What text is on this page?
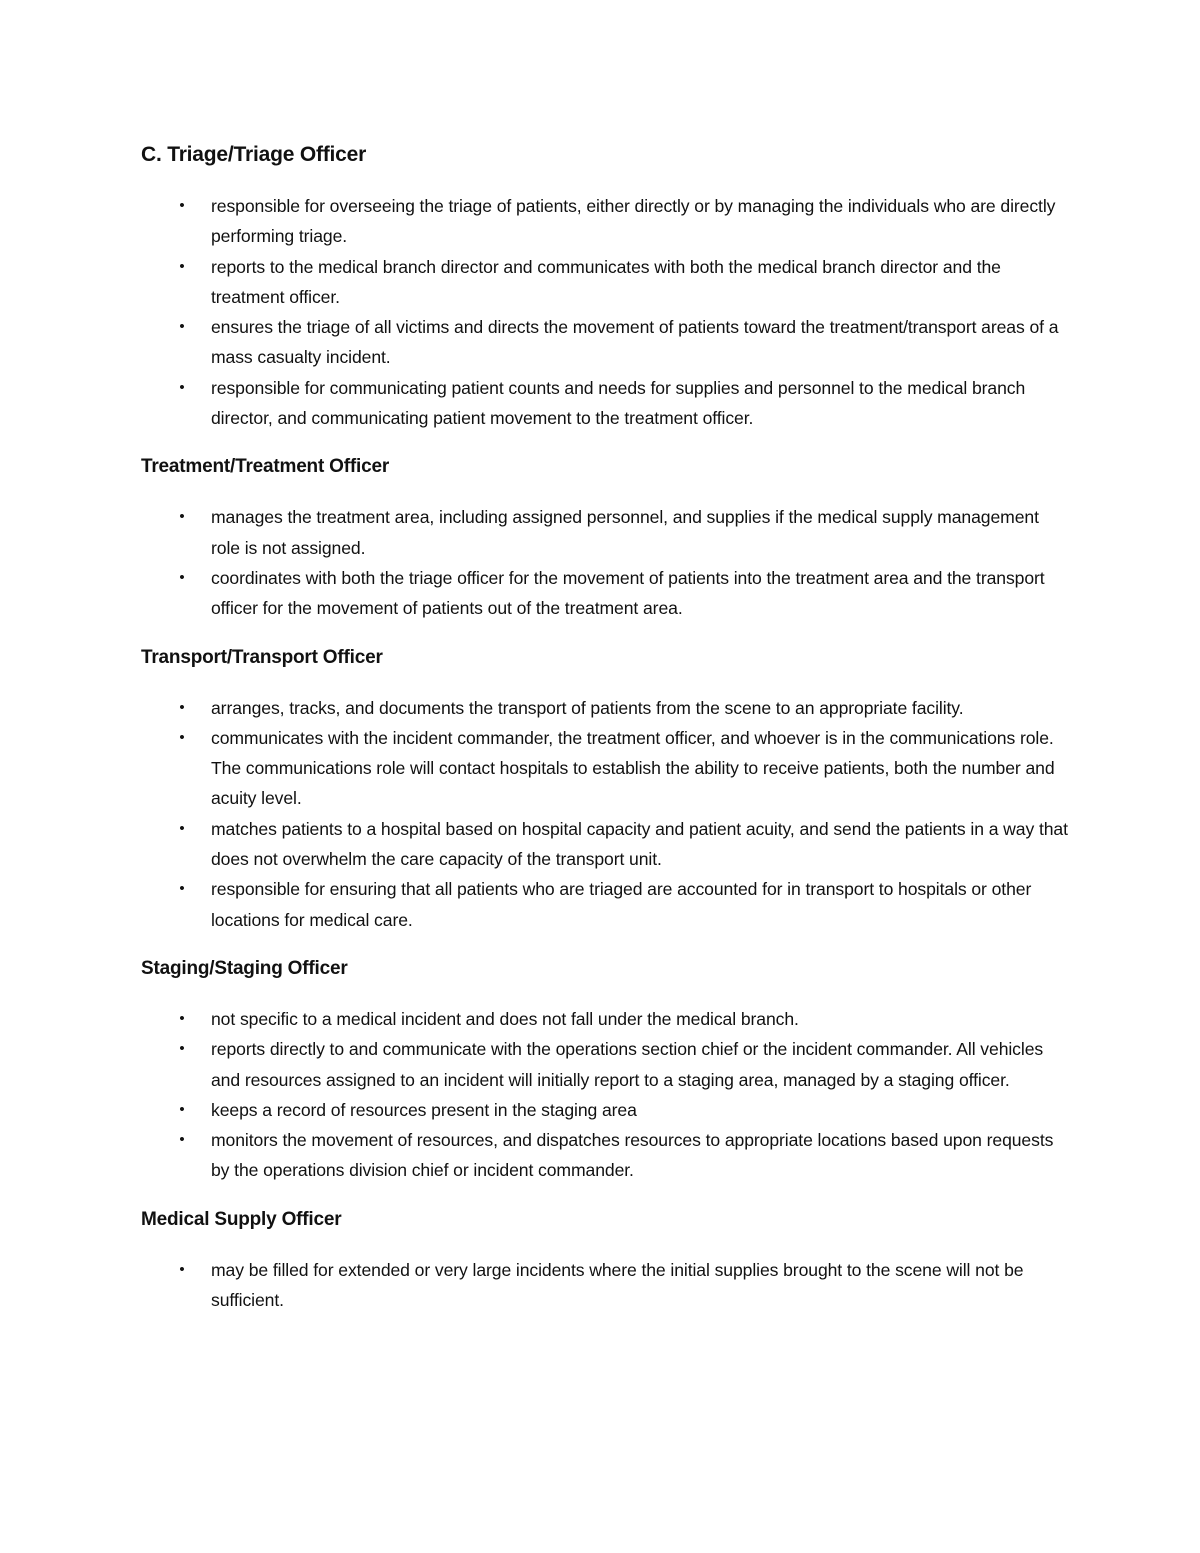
C. Triage/Triage Officer
•
responsible for overseeing the triage of patients, either directly or by managing the individuals who are directly performing triage.
•
reports to the medical branch director and communicates with both the medical branch director and the treatment officer.
•
ensures the triage of all victims and directs the movement of patients toward the treatment/transport areas of a mass casualty incident.
•
responsible for communicating patient counts and needs for supplies and personnel to the medical branch director, and communicating patient movement to the treatment officer.
Treatment/Treatment Officer
•
manages the treatment area, including assigned personnel, and supplies if the medical supply management role is not assigned.
•
coordinates with both the triage officer for the movement of patients into the treatment area and the transport officer for the movement of patients out of the treatment area.
Transport/Transport Officer
•
arranges, tracks, and documents the transport of patients from the scene to an appropriate facility.
•
communicates with the incident commander, the treatment officer, and whoever is in the communications role. The communications role will contact hospitals to establish the ability to receive patients, both the number and acuity level.
•
matches patients to a hospital based on hospital capacity and patient acuity, and send the patients in a way that does not overwhelm the care capacity of the transport unit.
•
responsible for ensuring that all patients who are triaged are accounted for in transport to hospitals or other locations for medical care.
Staging/Staging Officer
•
not specific to a medical incident and does not fall under the medical branch.
•
reports directly to and communicate with the operations section chief or the incident commander. All vehicles and resources assigned to an incident will initially report to a staging area, managed by a staging officer.
•
keeps a record of resources present in the staging area
•
monitors the movement of resources, and dispatches resources to appropriate locations based upon requests by the operations division chief or incident commander.
Medical Supply Officer
•
may be filled for extended or very large incidents where the initial supplies brought to the scene will not be sufficient.
